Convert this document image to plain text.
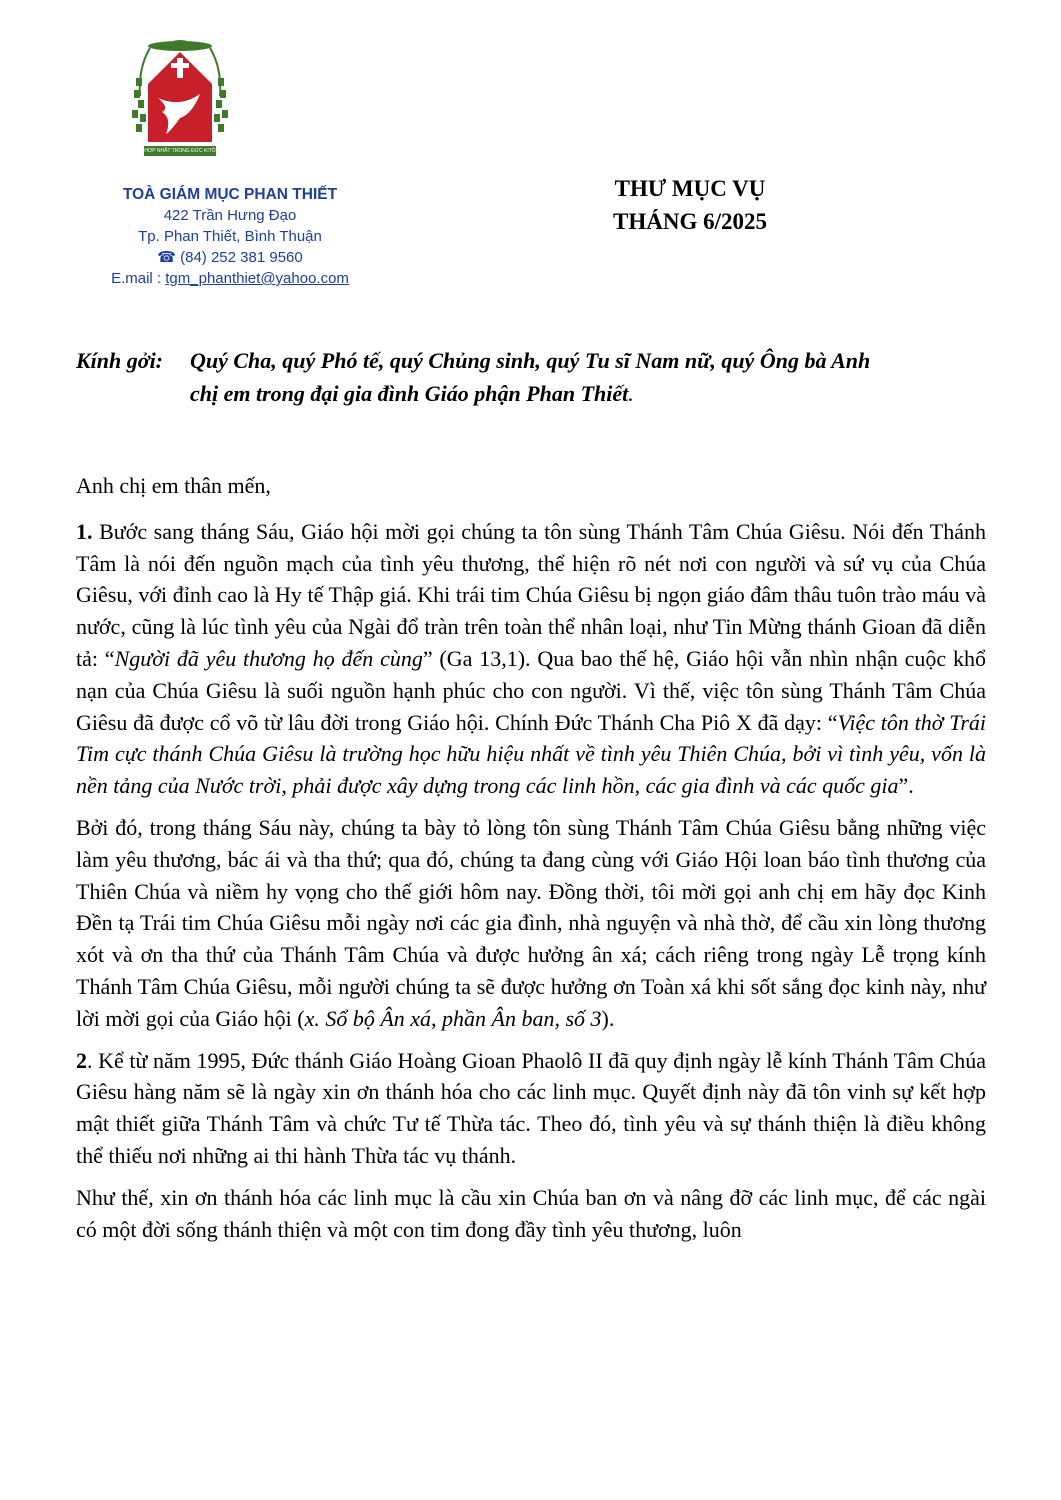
HỢP NHẤT TRONG ĐỨC KITÔ
TOÀ GIÁM MỤC PHAN THIẾT
422 Trần Hưng Đạo
Tp. Phan Thiết, Bình Thuận
☎ (84) 252 381 9560
E.mail : tgm_phanthiet@yahoo.com
THƯ MỤC VỤ
THÁNG 6/2025
Kính gởi: Quý Cha, quý Phó tế, quý Chủng sinh, quý Tu sĩ Nam nữ, quý Ông bà Anh
chị em trong đại gia đình Giáo phận Phan Thiết.

Anh chị em thân mến,

1. Bước sang tháng Sáu, Giáo hội mời gọi chúng ta tôn sùng Thánh Tâm Chúa Giêsu. Nói đến Thánh Tâm là nói đến nguồn mạch của tình yêu thương, thể hiện rõ nét nơi con người và sứ vụ của Chúa Giêsu, với đỉnh cao là Hy tế Thập giá. Khi trái tim Chúa Giêsu bị ngọn giáo đâm thâu tuôn trào máu và nước, cũng là lúc tình yêu của Ngài đổ tràn trên toàn thể nhân loại, như Tin Mừng thánh Gioan đã diễn tả: “Người đã yêu thương họ đến cùng” (Ga 13,1). Qua bao thế hệ, Giáo hội vẫn nhìn nhận cuộc khổ nạn của Chúa Giêsu là suối nguồn hạnh phúc cho con người. Vì thế, việc tôn sùng Thánh Tâm Chúa Giêsu đã được cổ võ từ lâu đời trong Giáo hội. Chính Đức Thánh Cha Piô X đã dạy: “Việc tôn thờ Trái Tim cực thánh Chúa Giêsu là trường học hữu hiệu nhất về tình yêu Thiên Chúa, bởi vì tình yêu, vốn là nền tảng của Nước trời, phải được xây dựng trong các linh hồn, các gia đình và các quốc gia”.

Bởi đó, trong tháng Sáu này, chúng ta bày tỏ lòng tôn sùng Thánh Tâm Chúa Giêsu bằng những việc làm yêu thương, bác ái và tha thứ; qua đó, chúng ta đang cùng với Giáo Hội loan báo tình thương của Thiên Chúa và niềm hy vọng cho thế giới hôm nay. Đồng thời, tôi mời gọi anh chị em hãy đọc Kinh Đền tạ Trái tim Chúa Giêsu mỗi ngày nơi các gia đình, nhà nguyện và nhà thờ, để cầu xin lòng thương xót và ơn tha thứ của Thánh Tâm Chúa và được hưởng ân xá; cách riêng trong ngày Lễ trọng kính Thánh Tâm Chúa Giêsu, mỗi người chúng ta sẽ được hưởng ơn Toàn xá khi sốt sắng đọc kinh này, như lời mời gọi của Giáo hội (x. Sổ bộ Ân xá, phần Ân ban, số 3).

2. Kể từ năm 1995, Đức thánh Giáo Hoàng Gioan Phaolô II đã quy định ngày lễ kính Thánh Tâm Chúa Giêsu hàng năm sẽ là ngày xin ơn thánh hóa cho các linh mục. Quyết định này đã tôn vinh sự kết hợp mật thiết giữa Thánh Tâm và chức Tư tế Thừa tác. Theo đó, tình yêu và sự thánh thiện là điều không thể thiếu nơi những ai thi hành Thừa tác vụ thánh.

Như thế, xin ơn thánh hóa các linh mục là cầu xin Chúa ban ơn và nâng đỡ các linh mục, để các ngài có một đời sống thánh thiện và một con tim đong đầy tình yêu thương, luôn
